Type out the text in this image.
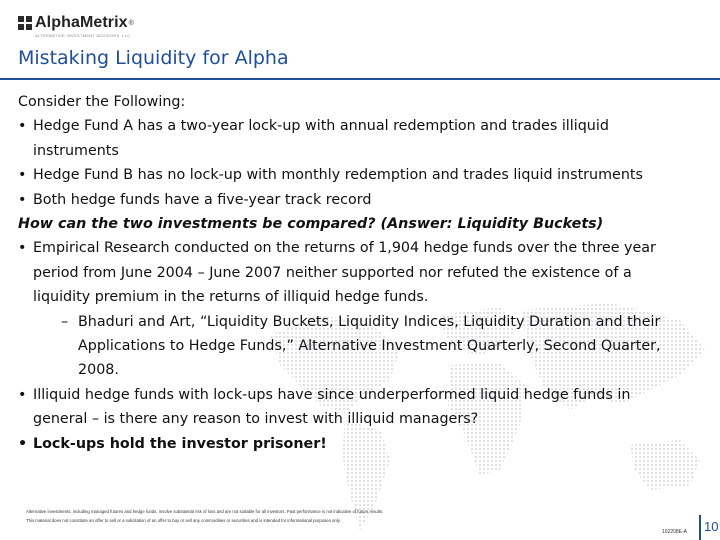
AlphaMetrix ®
ALTERNATIVE INVESTMENT ADVISORS, LLC
Mistaking Liquidity for Alpha
Consider the Following:
• Hedge Fund A has a two-year lock-up with annual redemption and trades illiquid
instruments
• Hedge Fund B has no lock-up with monthly redemption and trades liquid instruments
• Both hedge funds have a five-year track record
How can the two investments be compared? (Answer: Liquidity Buckets)
• Empirical Research conducted on the returns of 1,904 hedge funds over the three year
period from June 2004 – June 2007 neither supported nor refuted the existence of a
liquidity premium in the returns of illiquid hedge funds.
– Bhaduri and Art, “Liquidity Buckets, Liquidity Indices, Liquidity Duration and their
Applications to Hedge Funds,” Alternative Investment Quarterly, Second Quarter,
2008.
• Illiquid hedge funds with lock-ups have since underperformed liquid hedge funds in
general – is there any reason to invest with illiquid managers?
• Lock-ups hold the investor prisoner!
Alternative investments, including managed futures and hedge funds, involve substantial risk of loss and are not suitable for all investors. Past performance is not indicative of future results.
This material does not constitute an offer to sell or a solicitation of an offer to buy or sell any commodities or securities and is intended for informational purposes only.
102208E-A 10
